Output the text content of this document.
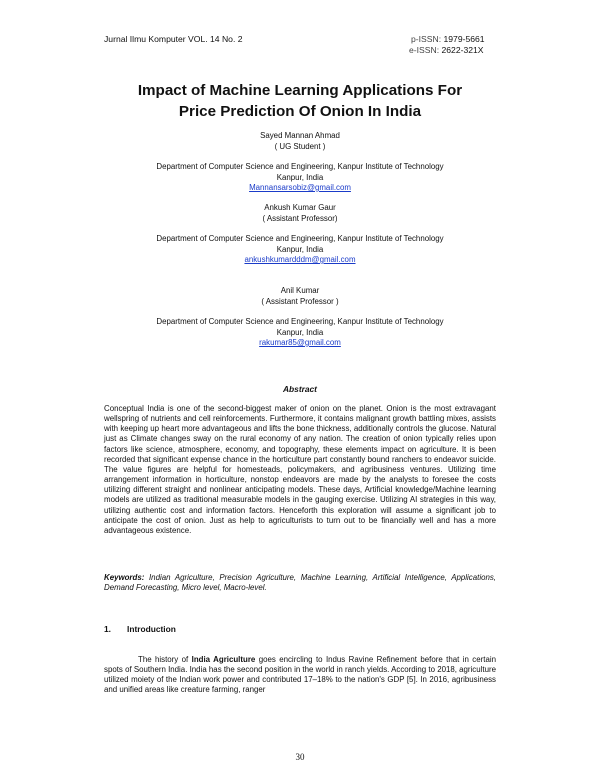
Jurnal Ilmu Komputer VOL. 14 No. 2	p-ISSN: 1979-5661
e-ISSN: 2622-321X
Impact of Machine Learning Applications For
Price Prediction Of Onion In India
Sayed Mannan Ahmad
( UG Student )
Department of Computer Science and Engineering, Kanpur Institute of Technology
Kanpur, India
Mannansarsobiz@gmail.com
Ankush Kumar Gaur
( Assistant Professor)
Department of Computer Science and Engineering, Kanpur Institute of Technology
Kanpur, India
ankushkumardddm@gmail.com
Anil Kumar
( Assistant Professor )
Department of Computer Science and Engineering, Kanpur Institute of Technology
Kanpur, India
rakumar85@gmail.com
Abstract

Conceptual India is one of the second-biggest maker of onion on the planet. Onion is the most extravagant wellspring of nutrients and cell reinforcements. Furthermore, it contains malignant growth battling mixes, assists with keeping up heart more advantageous and lifts the bone thickness, additionally controls the glucose. Natural just as Climate changes sway on the rural economy of any nation. The creation of onion typically relies upon factors like science, atmosphere, economy, and topography, these elements impact on agriculture. It is been recorded that significant expense chance in the horticulture part constantly bound ranchers to endeavor suicide. The value figures are helpful for homesteads, policymakers, and agribusiness ventures. Utilizing time arrangement information in horticulture, nonstop endeavors are made by the analysts to foresee the costs utilizing different straight and nonlinear anticipating models. These days, Artificial knowledge/Machine learning models are utilized as traditional measurable models in the gauging exercise. Utilizing AI strategies in this way, utilizing authentic cost and information factors. Henceforth this exploration will assume a significant job to anticipate the cost of onion. Just as help to agriculturists to turn out to be financially well and has a more advantageous existence.

Keywords: Indian Agriculture, Precision Agriculture, Machine Learning, Artificial Intelligence, Applications, Demand Forecasting, Micro level, Macro-level.
1. Introduction
The history of India Agriculture goes encircling to Indus Ravine Refinement before that in certain spots of Southern India. India has the second position in the world in ranch yields. According to 2018, agriculture utilized moiety of the Indian work power and contributed 17–18% to the nation's GDP [5]. In 2016, agribusiness and unified areas like creature farming, ranger
30
